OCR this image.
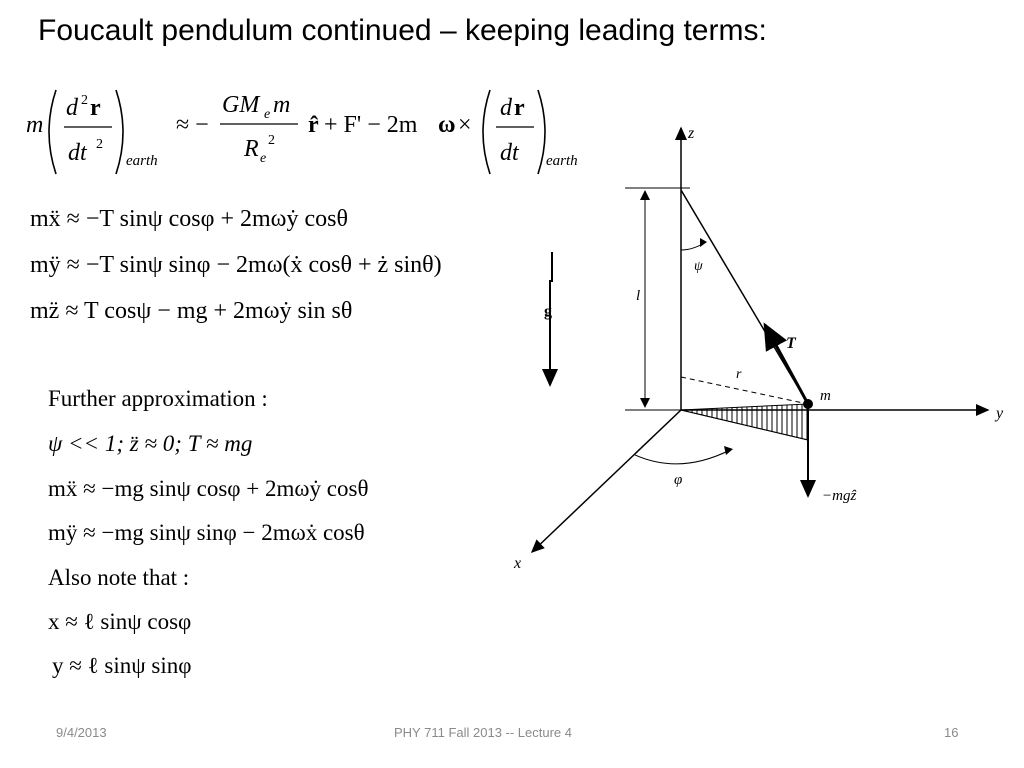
Foucault pendulum continued – keeping leading terms:
m
d 2 r
dt 2
earth
≈ −
GM e m
R e
2
r̂ + F' − 2m ω ×
d r
dt earth
mẍ ≈ −T sinψ cosφ + 2mωẏ cosθ
mÿ ≈ −T sinψ sinφ − 2mω(ẋ cosθ + ż sinθ)
mz̈ ≈ T cosψ − mg + 2mωẏ sin sθ
Further approximation :
ψ << 1; z̈ ≈ 0; T ≈ mg
mẍ ≈ −mg sinψ cosφ + 2mωẏ cosθ
mÿ ≈ −mg sinψ sinφ − 2mωẋ cosθ
Also note that :
x ≈ ℓ sinψ cosφ
y ≈ ℓ sinψ sinφ
g
z
y
x
l
ψ
T
r
m
−mgẑ
φ
9/4/2013	PHY 711 Fall 2013 -- Lecture 4	16
